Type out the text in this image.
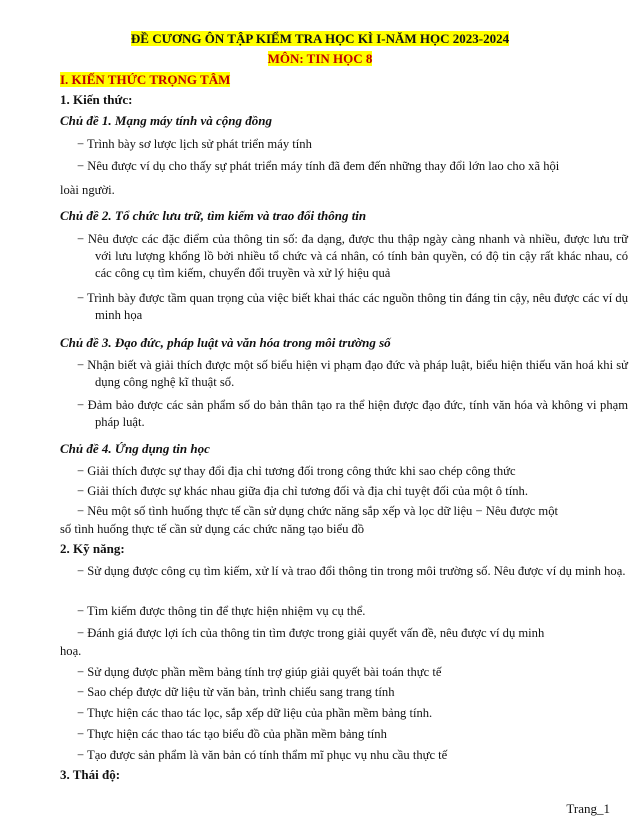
ĐỀ CƯƠNG ÔN TẬP KIỂM TRA HỌC KÌ I-NĂM HỌC 2023-2024
MÔN: TIN HỌC 8
I. KIẾN THỨC TRỌNG TÂM
1. Kiến thức:
Chủ đề 1. Mạng máy tính và cộng đồng
− Trình bày sơ lược lịch sử phát triển máy tính
− Nêu được ví dụ cho thấy sự phát triển máy tính đã đem đến những thay đổi lớn lao cho xã hội
loài người.
Chủ đề 2. Tổ chức lưu trữ, tìm kiếm và trao đổi thông tin
− Nêu được các đặc điểm của thông tin số: đa dạng, được thu thập ngày càng nhanh và nhiều, được lưu trữ với lưu lượng khổng lồ bởi nhiều tổ chức và cá nhân, có tính bản quyền, có độ tin cậy rất khác nhau, có các công cụ tìm kiếm, chuyển đổi truyền và xử lý hiệu quả
− Trình bày được tầm quan trọng của việc biết khai thác các nguồn thông tin đáng tin cậy, nêu được các ví dụ minh họa
Chủ đề 3. Đạo đức, pháp luật và văn hóa trong môi trường số
− Nhận biết và giải thích được một số biểu hiện vi phạm đạo đức và pháp luật, biểu hiện thiếu văn hoá khi sử dụng công nghệ kĩ thuật số.
− Đảm bảo được các sản phẩm số do bản thân tạo ra thể hiện được đạo đức, tính văn hóa và không vi phạm pháp luật.
Chủ đề 4. Ứng dụng tin học
− Giải thích được sự thay đổi địa chỉ tương đối trong công thức khi sao chép công thức
− Giải thích được sự khác nhau giữa địa chỉ tương đối và địa chỉ tuyệt đối của một ô tính.
− Nêu một số tình huống thực tế cần sử dụng chức năng sắp xếp và lọc dữ liệu − Nêu được một
số tình huống thực tế cần sử dụng các chức năng tạo biểu đồ
2. Kỹ năng:
− Sử dụng được công cụ tìm kiếm, xử lí và trao đổi thông tin trong môi trường số. Nêu được ví dụ minh hoạ.
− Tìm kiếm được thông tin để thực hiện nhiệm vụ cụ thể.
− Đánh giá được lợi ích của thông tin tìm được trong giải quyết vấn đề, nêu được ví dụ minh
hoạ.
− Sử dụng được phần mềm bảng tính trợ giúp giải quyết bài toán thực tế
− Sao chép được dữ liệu từ văn bản, trình chiếu sang trang tính
− Thực hiện các thao tác lọc, sắp xếp dữ liệu của phần mềm bảng tính.
− Thực hiện các thao tác tạo biểu đồ của phần mềm bảng tính
− Tạo được sản phẩm là văn bản có tính thẩm mĩ phục vụ nhu cầu thực tế
3. Thái độ:
Trang_1
